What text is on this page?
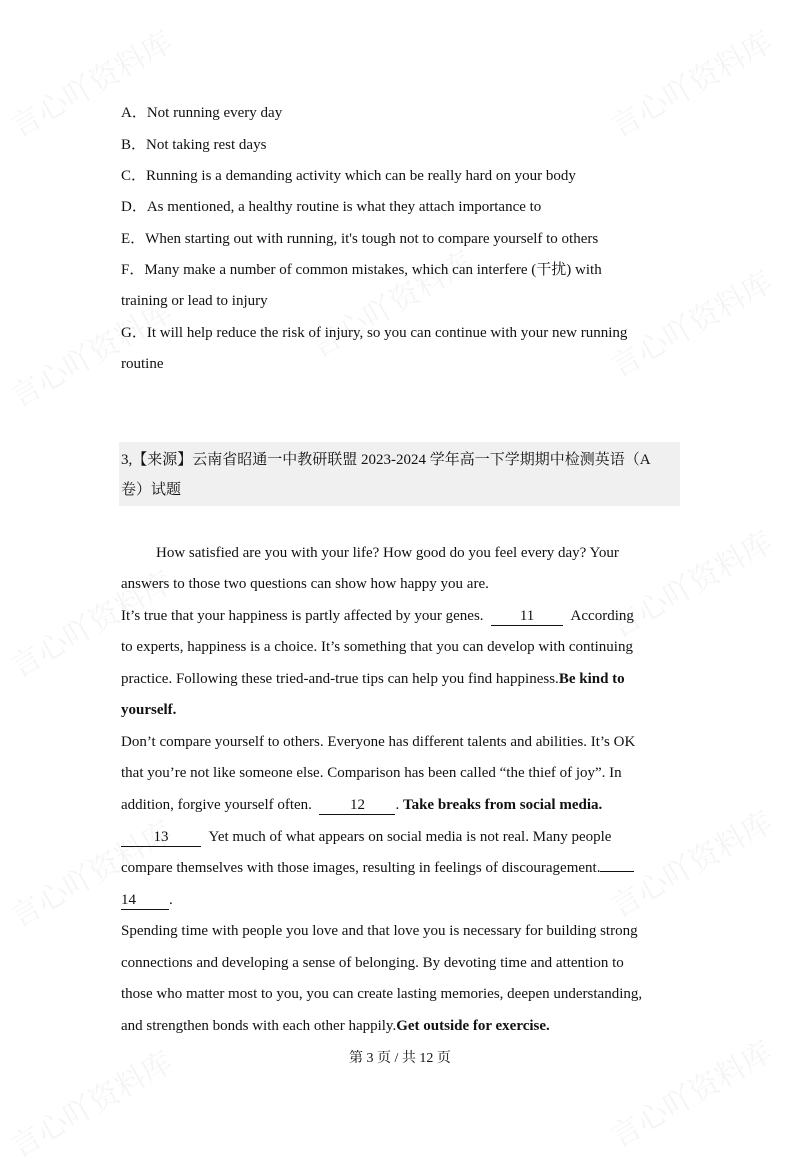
A．Not running every day
B．Not taking rest days
C．Running is a demanding activity which can be really hard on your body
D．As mentioned, a healthy routine is what they attach importance to
E．When starting out with running, it's tough not to compare yourself to others
F．Many make a number of common mistakes, which can interfere (干扰) with
training or lead to injury
G．It will help reduce the risk of injury, so you can continue with your new running
routine
3,【来源】云南省昭通一中教研联盟 2023-2024 学年高一下学期期中检测英语（A
卷）试题
How satisfied are you with your life? How good do you feel every day? Your
answers to those two questions can show how happy you are.
It’s true that your happiness is partly affected by your genes. 11 According
to experts, happiness is a choice. It’s something that you can develop with continuing
practice. Following these tried-and-true tips can help you find happiness.Be kind to
yourself.
Don’t compare yourself to others. Everyone has different talents and abilities. It’s OK
that you’re not like someone else. Comparison has been called “the thief of joy”. In
addition, forgive yourself often.	12 . Take breaks from social media.
13	Yet much of what appears on social media is not real. Many people
compare themselves with those images, resulting in feelings of discouragement.
14 .
Spending time with people you love and that love you is necessary for building strong
connections and developing a sense of belonging. By devoting time and attention to
those who matter most to you, you can create lasting memories, deepen understanding,
and strengthen bonds with each other happily.Get outside for exercise.
第 3 页 / 共 12 页
